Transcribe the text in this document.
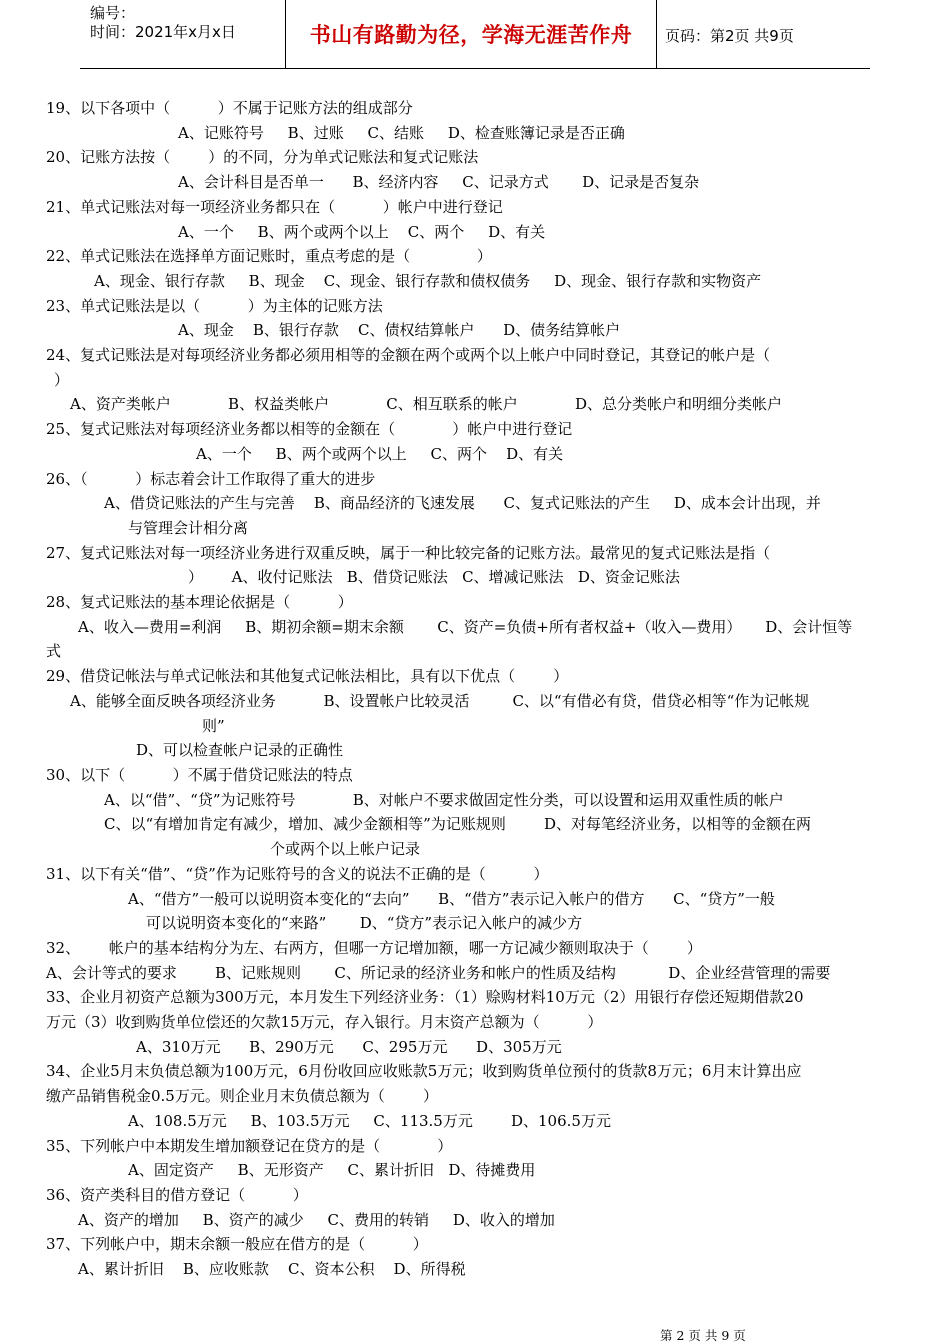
编号：
时间：2021年x月x日	书山有路勤为径，学海无涯苦作舟	页码：第2页 共9页
19、以下各项中（          ）不属于记账方法的组成部分
A、记账符号     B、过账     C、结账     D、检查账簿记录是否正确
20、记账方法按（        ）的不同，分为单式记账法和复式记账法
A、会计科目是否单一      B、经济内容     C、记录方式       D、记录是否复杂
21、单式记账法对每一项经济业务都只在（          ）帐户中进行登记
A、一个     B、两个或两个以上    C、两个     D、有关
22、单式记账法在选择单方面记账时，重点考虑的是（              ）
A、现金、银行存款     B、现金    C、现金、银行存款和债权债务     D、现金、银行存款和实物资产
23、单式记账法是以（          ）为主体的记账方法
A、现金    B、银行存款    C、债权结算帐户      D、债务结算帐户
24、复式记账法是对每项经济业务都必须用相等的金额在两个或两个以上帐户中同时登记，其登记的帐户是（
）
A、资产类帐户            B、权益类帐户            C、相互联系的帐户            D、总分类帐户和明细分类帐户
25、复式记账法对每项经济业务都以相等的金额在（            ）帐户中进行登记
A、一个     B、两个或两个以上     C、两个    D、有关
26、（          ）标志着会计工作取得了重大的进步
A、借贷记账法的产生与完善    B、商品经济的飞速发展      C、复式记账法的产生     D、成本会计出现，并
与管理会计相分离
27、复式记账法对每一项经济业务进行双重反映，属于一种比较完备的记账方法。最常见的复式记账法是指（
）      A、收付记账法   B、借贷记账法   C、增减记账法   D、资金记账法
28、复式记账法的基本理论依据是（          ）
A、收入—费用=利润     B、期初余额=期末余额       C、资产=负债+所有者权益+（收入—费用）     D、会计恒等
式
29、借贷记帐法与单式记帐法和其他复式记帐法相比，具有以下优点（        ）
A、能够全面反映各项经济业务          B、设置帐户比较灵活         C、以“有借必有贷，借贷必相等“作为记帐规
则”
D、可以检查帐户记录的正确性
30、以下（          ）不属于借贷记账法的特点
A、以“借”、“贷”为记账符号            B、对帐户不要求做固定性分类，可以设置和运用双重性质的帐户
C、以“有增加肯定有减少，增加、减少金额相等”为记账规则        D、对每笔经济业务，以相等的金额在两
个或两个以上帐户记录
31、以下有关“借”、“贷”作为记账符号的含义的说法不正确的是（          ）
A、“借方”一般可以说明资本变化的“去向”      B、“借方”表示记入帐户的借方      C、“贷方”一般
可以说明资本变化的“来路”       D、“贷方”表示记入帐户的减少方
32、      帐户的基本结构分为左、右两方，但哪一方记增加额，哪一方记减少额则取决于（        ）
A、会计等式的要求        B、记账规则       C、所记录的经济业务和帐户的性质及结构           D、企业经营管理的需要
33、企业月初资产总额为300万元，本月发生下列经济业务：（1）赊购材料10万元（2）用银行存偿还短期借款20
万元（3）收到购货单位偿还的欠款15万元，存入银行。月末资产总额为（          ）
A、310万元      B、290万元      C、295万元      D、305万元
34、企业5月末负债总额为100万元，6月份收回应收账款5万元；收到购货单位预付的货款8万元；6月末计算出应
缴产品销售税金0.5万元。则企业月末负债总额为（        ）
A、108.5万元     B、103.5万元     C、113.5万元        D、106.5万元
35、下列帐户中本期发生增加额登记在贷方的是（            ）
A、固定资产     B、无形资产     C、累计折旧   D、待摊费用
36、资产类科目的借方登记（          ）
A、资产的增加     B、资产的减少     C、费用的转销     D、收入的增加
37、下列帐户中，期末余额一般应在借方的是（          ）
A、累计折旧    B、应收账款    C、资本公积    D、所得税
第 2 页 共 9 页
